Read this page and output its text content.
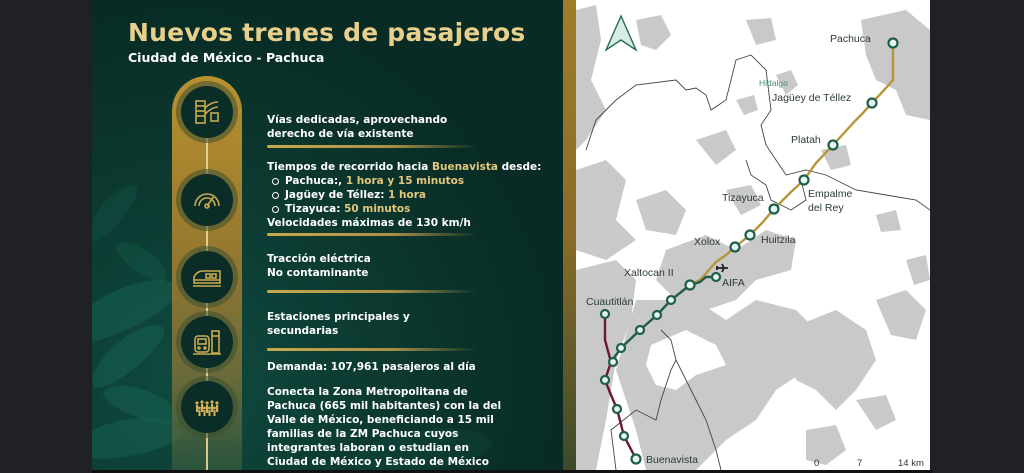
Nuevos trenes de pasajeros
Ciudad de México - Pachuca
Vías dedicadas, aprovechando
derecho de vía existente
Tiempos de recorrido hacia Buenavista desde:
Pachuca:, 1 hora y 15 minutos
Jagüey de Téllez: 1 hora
Tizayuca: 50 minutos
Velocidades máximas de 130 km/h
Tracción eléctrica
No contaminante
Estaciones principales y
secundarias
Demanda: 107,961 pasajeros al día
Conecta la Zona Metropolitana de
Pachuca (665 mil habitantes) con la del
Valle de México, beneficiando a 15 mil
familias de la ZM Pachuca cuyos
integrantes laboran o estudian en
Ciudad de México y Estado de México
Hidalgo
Pachuca
Jagüey de Téllez
Platah
Empalme
del Rey
Tizayuca
Huitzila
Xolox
Xaltocan II
AIFA
Cuautitlán
Buenavista	0	7	14 km
